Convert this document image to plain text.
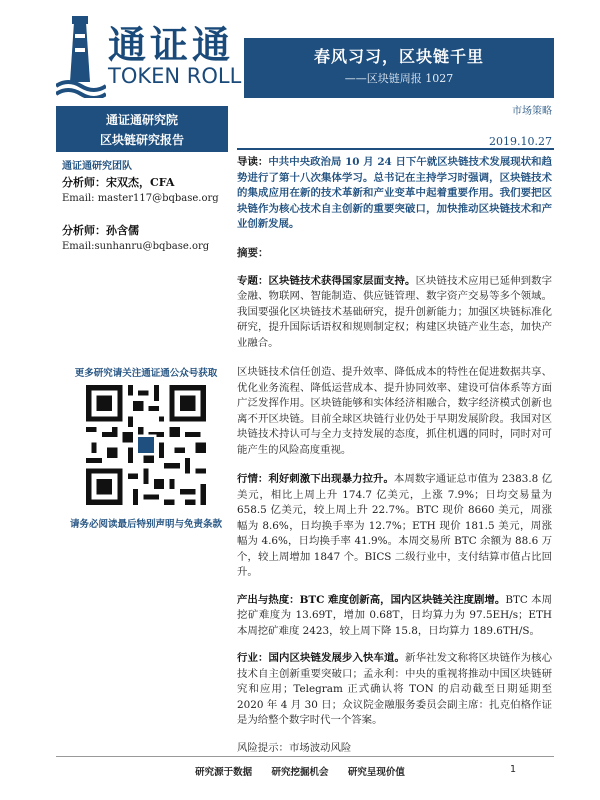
通证通
TOKEN ROLL
春风习习，区块链千里
——区块链周报 1027
市场策略
2019.10.27
通证通研究院
区块链研究报告
通证通研究团队
分析师：宋双杰，CFA
Email: master117@bqbase.org
分析师：孙含儒
Email:sunhanru@bqbase.org
更多研究请关注通证通公众号获取
请务必阅读最后特别声明与免责条款

导读：中共中央政治局 10 月 24 日下午就区块链技术发展现状和趋势进行了第十八次集体学习。总书记在主持学习时强调，区块链技术的集成应用在新的技术革新和产业变革中起着重要作用。我们要把区块链作为核心技术自主创新的重要突破口，加快推动区块链技术和产业创新发展。

摘要：

专题：区块链技术获得国家层面支持。区块链技术应用已延伸到数字金融、物联网、智能制造、供应链管理、数字资产交易等多个领域。我国要强化区块链技术基础研究，提升创新能力；加强区块链标准化研究，提升国际话语权和规则制定权；构建区块链产业生态，加快产业融合。

区块链技术信任创造、提升效率、降低成本的特性在促进数据共享、优化业务流程、降低运营成本、提升协同效率、建设可信体系等方面广泛发挥作用。区块链能够和实体经济相融合，数字经济模式创新也离不开区块链。目前全球区块链行业仍处于早期发展阶段。我国对区块链技术持认可与全力支持发展的态度，抓住机遇的同时，同时对可能产生的风险高度重视。

行情：利好刺激下出现暴力拉升。本周数字通证总市值为 2383.8 亿美元，相比上周上升 174.7 亿美元，上涨 7.9%；日均交易量为 658.5 亿美元，较上周上升 22.7%。BTC 现价 8660 美元，周涨幅为 8.6%，日均换手率为 12.7%；ETH 现价 181.5 美元，周涨幅为 4.6%，日均换手率 41.9%。本周交易所 BTC 余额为 88.6 万个，较上周增加 1847 个。BICS 二级行业中，支付结算市值占比回升。

产出与热度：BTC 难度创新高，国内区块链关注度剧增。BTC 本周挖矿难度为 13.69T，增加 0.68T，日均算力为 97.5EH/s；ETH 本周挖矿难度 2423，较上周下降 15.8，日均算力 189.6TH/S。

行业：国内区块链发展步入快车道。新华社发文称将区块链作为核心技术自主创新重要突破口；孟永利：中央的重视将推动中国区块链研究和应用；Telegram 正式确认将 TON 的启动截至日期延期至 2020 年 4 月 30 日；众议院金融服务委员会副主席：扎克伯格作证是为给整个数字时代一个答案。

风险提示：市场波动风险

研究源于数据 研究挖掘机会 研究呈现价值	1
